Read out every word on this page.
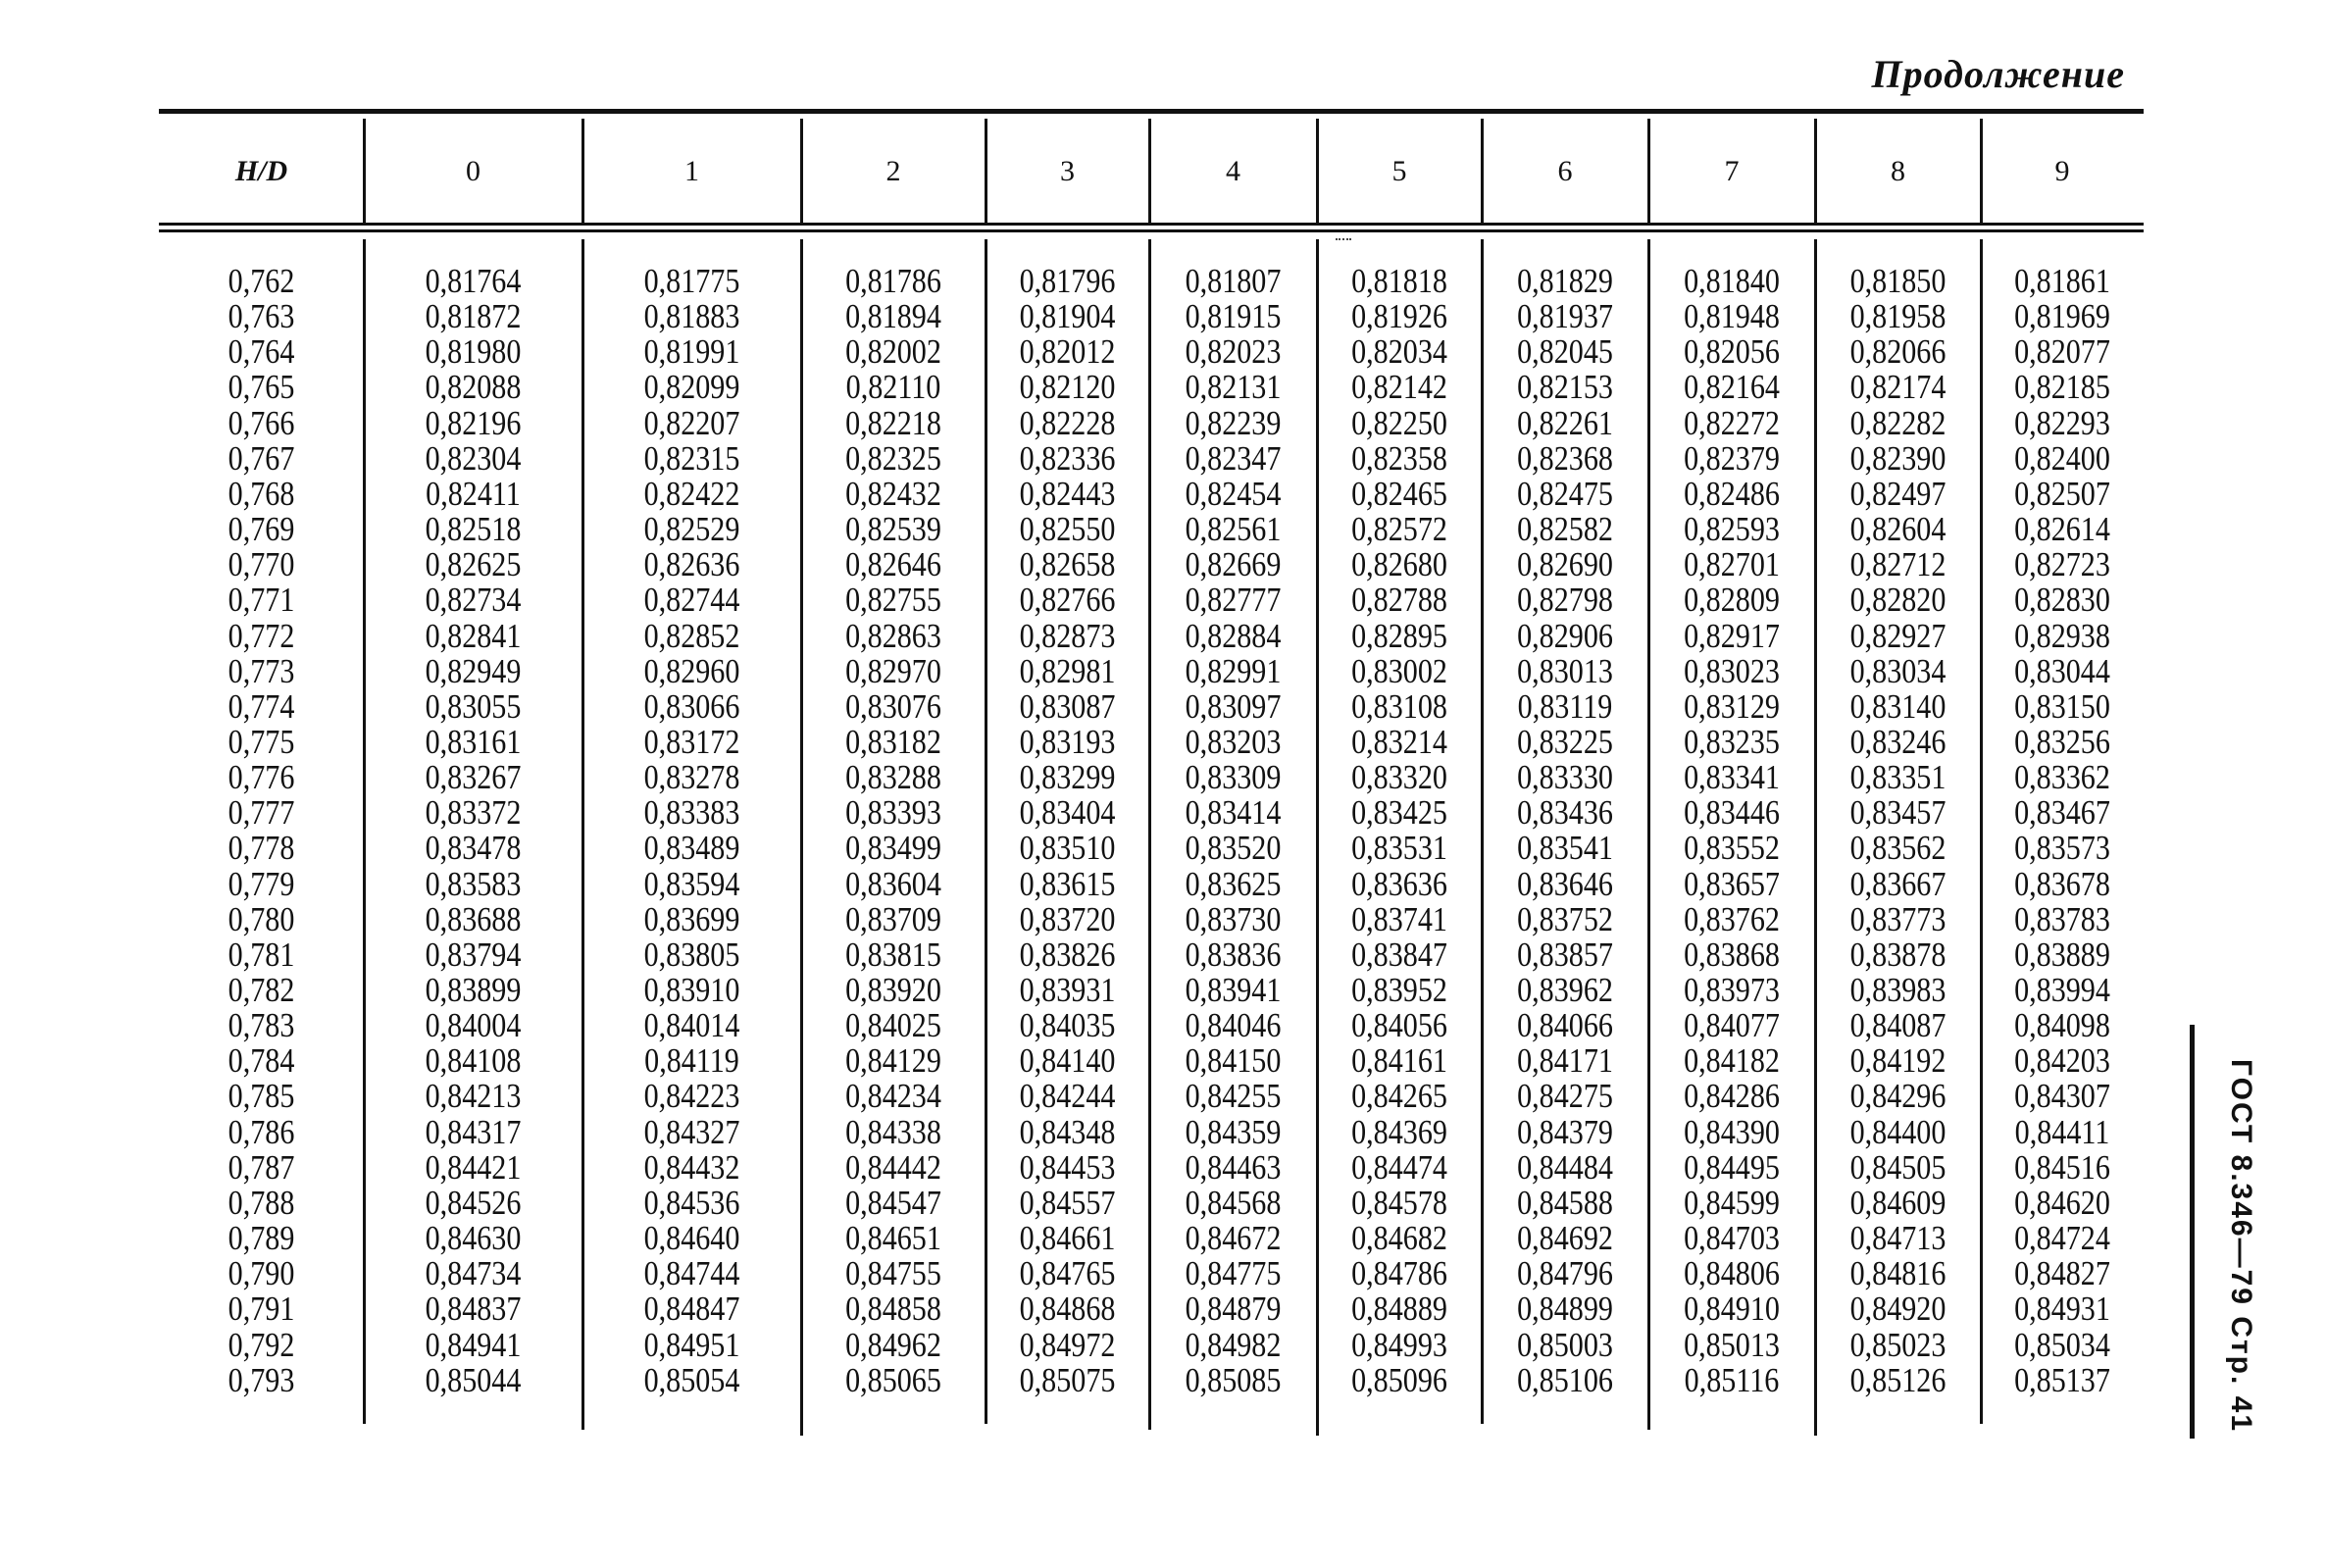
Продолжение
H/D	0	1	2	3	4	5	6	7	8	9
0,762	0,81764	0,81775	0,81786	0,81796	0,81807	0,81818	0,81829	0,81840	0,81850	0,81861
0,763	0,81872	0,81883	0,81894	0,81904	0,81915	0,81926	0,81937	0,81948	0,81958	0,81969
0,764	0,81980	0,81991	0,82002	0,82012	0,82023	0,82034	0,82045	0,82056	0,82066	0,82077
0,765	0,82088	0,82099	0,82110	0,82120	0,82131	0,82142	0,82153	0,82164	0,82174	0,82185
0,766	0,82196	0,82207	0,82218	0,82228	0,82239	0,82250	0,82261	0,82272	0,82282	0,82293
0,767	0,82304	0,82315	0,82325	0,82336	0,82347	0,82358	0,82368	0,82379	0,82390	0,82400
0,768	0,82411	0,82422	0,82432	0,82443	0,82454	0,82465	0,82475	0,82486	0,82497	0,82507
0,769	0,82518	0,82529	0,82539	0,82550	0,82561	0,82572	0,82582	0,82593	0,82604	0,82614
0,770	0,82625	0,82636	0,82646	0,82658	0,82669	0,82680	0,82690	0,82701	0,82712	0,82723
0,771	0,82734	0,82744	0,82755	0,82766	0,82777	0,82788	0,82798	0,82809	0,82820	0,82830
0,772	0,82841	0,82852	0,82863	0,82873	0,82884	0,82895	0,82906	0,82917	0,82927	0,82938
0,773	0,82949	0,82960	0,82970	0,82981	0,82991	0,83002	0,83013	0,83023	0,83034	0,83044
0,774	0,83055	0,83066	0,83076	0,83087	0,83097	0,83108	0,83119	0,83129	0,83140	0,83150
0,775	0,83161	0,83172	0,83182	0,83193	0,83203	0,83214	0,83225	0,83235	0,83246	0,83256
0,776	0,83267	0,83278	0,83288	0,83299	0,83309	0,83320	0,83330	0,83341	0,83351	0,83362
0,777	0,83372	0,83383	0,83393	0,83404	0,83414	0,83425	0,83436	0,83446	0,83457	0,83467
0,778	0,83478	0,83489	0,83499	0,83510	0,83520	0,83531	0,83541	0,83552	0,83562	0,83573
0,779	0,83583	0,83594	0,83604	0,83615	0,83625	0,83636	0,83646	0,83657	0,83667	0,83678
0,780	0,83688	0,83699	0,83709	0,83720	0,83730	0,83741	0,83752	0,83762	0,83773	0,83783
0,781	0,83794	0,83805	0,83815	0,83826	0,83836	0,83847	0,83857	0,83868	0,83878	0,83889
0,782	0,83899	0,83910	0,83920	0,83931	0,83941	0,83952	0,83962	0,83973	0,83983	0,83994
0,783	0,84004	0,84014	0,84025	0,84035	0,84046	0,84056	0,84066	0,84077	0,84087	0,84098
0,784	0,84108	0,84119	0,84129	0,84140	0,84150	0,84161	0,84171	0,84182	0,84192	0,84203
0,785	0,84213	0,84223	0,84234	0,84244	0,84255	0,84265	0,84275	0,84286	0,84296	0,84307
0,786	0,84317	0,84327	0,84338	0,84348	0,84359	0,84369	0,84379	0,84390	0,84400	0,84411
0,787	0,84421	0,84432	0,84442	0,84453	0,84463	0,84474	0,84484	0,84495	0,84505	0,84516
0,788	0,84526	0,84536	0,84547	0,84557	0,84568	0,84578	0,84588	0,84599	0,84609	0,84620
0,789	0,84630	0,84640	0,84651	0,84661	0,84672	0,84682	0,84692	0,84703	0,84713	0,84724
0,790	0,84734	0,84744	0,84755	0,84765	0,84775	0,84786	0,84796	0,84806	0,84816	0,84827
0,791	0,84837	0,84847	0,84858	0,84868	0,84879	0,84889	0,84899	0,84910	0,84920	0,84931
0,792	0,84941	0,84951	0,84962	0,84972	0,84982	0,84993	0,85003	0,85013	0,85023	0,85034
0,793	0,85044	0,85054	0,85065	0,85075	0,85085	0,85096	0,85106	0,85116	0,85126	0,85137	ГОСТ 8.346—79 Стр. 41
